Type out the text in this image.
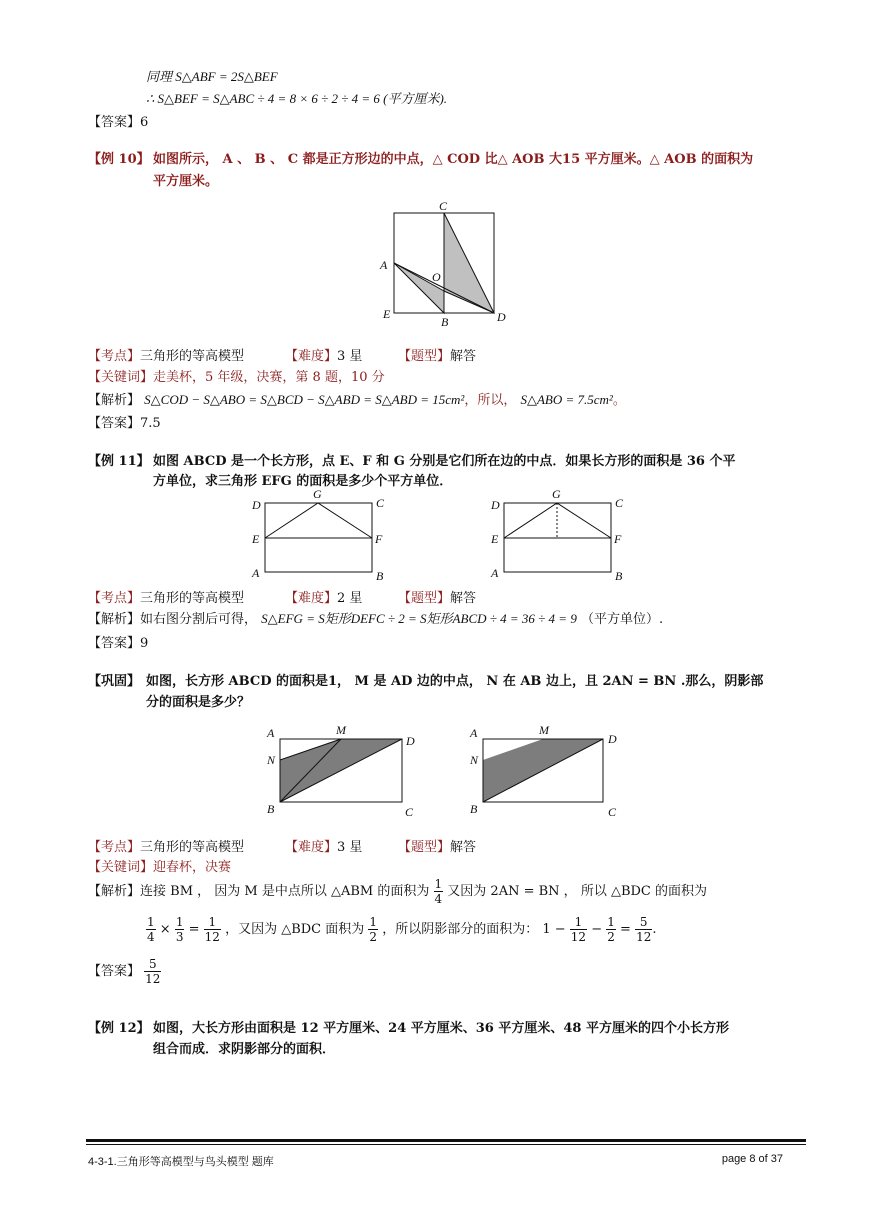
同理 S△ABF = 2S△BEF
∴ S△BEF = S△ABC ÷ 4 = 8 × 6 ÷ 2 ÷ 4 = 6 (平方厘米).
【答案】6
【例 10】 如图所示， A 、 B 、 C 都是正方形边的中点，△ COD 比△ AOB 大15 平方厘米。△ AOB 的面积为
平方厘米。
C
A
O
E
B	D
【考点】三角形的等高模型	【难度】3 星	【题型】解答
【关键词】走美杯，5 年级，决赛，第 8 题，10 分
【解析】 S△COD − S△ABO = S△BCD − S△ABD = S△ABD = 15cm²，所以， S△ABO = 7.5cm²。
【答案】7.5
【例 11】 如图 ABCD 是一个长方形，点 E、F 和 G 分别是它们所在边的中点．如果长方形的面积是 36 个平
方单位，求三角形 EFG 的面积是多少个平方单位．
D
G
C
E	F
A	B
D
G
C
E	F
A	B
【考点】三角形的等高模型	【难度】2 星	【题型】解答
【解析】如右图分割后可得， S△EFG = S矩形DEFC ÷ 2 = S矩形ABCD ÷ 4 = 36 ÷ 4 = 9 （平方单位）.
【答案】9
【巩固】 如图，长方形 ABCD 的面积是1， M 是 AD 边的中点， N 在 AB 边上，且 2AN = BN .那么，阴影部
分的面积是多少？
A	M
D
N
B	C
A	M
D
N
B	C
【考点】三角形的等高模型	【难度】3 星	【题型】解答
【关键词】迎春杯，决赛
【解析】连接 BM ， 因为 M 是中点所以 △ABM 的面积为 $\frac{1}{4}$ 又因为 2AN = BN ， 所以 △BDC 的面积为
$\frac{1}{4} \times \frac{1}{3} = \frac{1}{12}$ ，又因为 △BDC 面积为 $\frac{1}{2}$ ，所以阴影部分的面积为： $1 - \frac{1}{12} - \frac{1}{2} = \frac{5}{12}$ .
【答案】 $\frac{5}{12}$
【例 12】 如图，大长方形由面积是 12 平方厘米、24 平方厘米、36 平方厘米、48 平方厘米的四个小长方形
组合而成．求阴影部分的面积．
4-3-1.三角形等高模型与鸟头模型 题库	page 8 of 37
